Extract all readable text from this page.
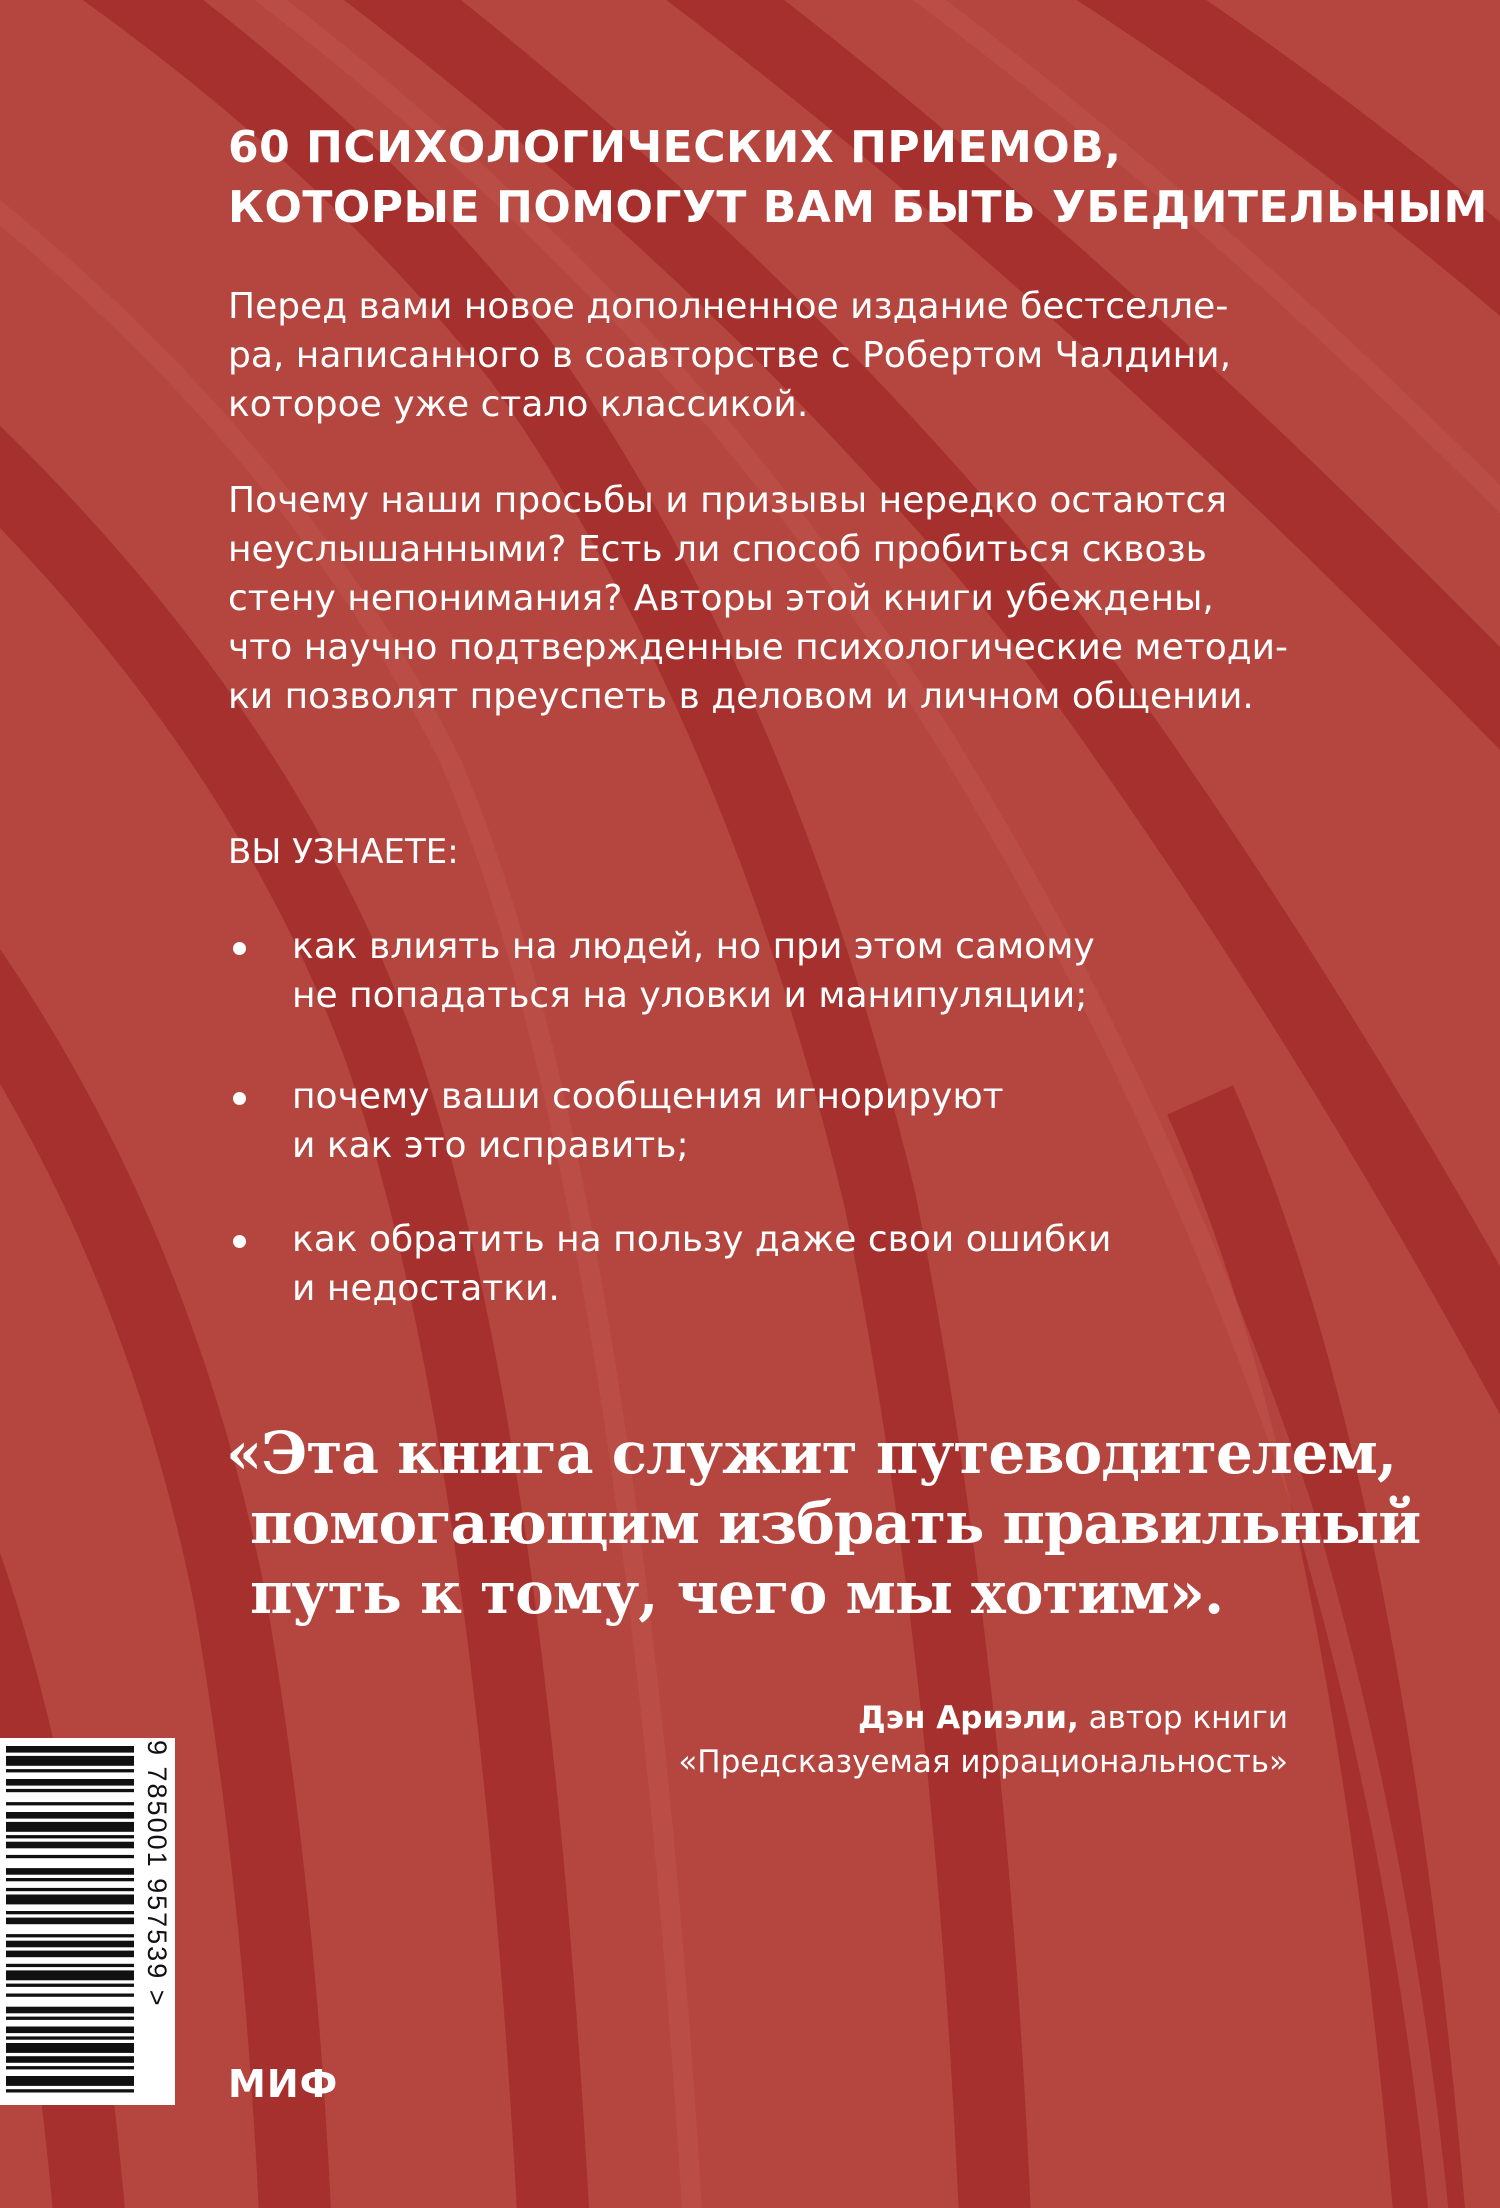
60 ПСИХОЛОГИЧЕСКИХ ПРИЕМОВ,
КОТОРЫЕ ПОМОГУТ ВАМ БЫТЬ УБЕДИТЕЛЬНЫМ
Перед вами новое дополненное издание бестселле-
ра, написанного в соавторстве с Робертом Чалдини,
которое уже стало классикой.
Почему наши просьбы и призывы нередко остаются
неуслышанными? Есть ли способ пробиться сквозь
стену непонимания? Авторы этой книги убеждены,
что научно подтвержденные психологические методи-
ки позволят преуспеть в деловом и личном общении.
ВЫ УЗНАЕТЕ:
как влиять на людей, но при этом самому
не попадаться на уловки и манипуляции;
почему ваши сообщения игнорируют
и как это исправить;
как обратить на пользу даже свои ошибки
и недостатки.
«Эта книга служит путеводителем,
помогающим избрать правильный
путь к тому, чего мы хотим».
Дэн Ариэли, автор книги
«Предсказуемая иррациональность»
9 785001 957539 >
МИФ
